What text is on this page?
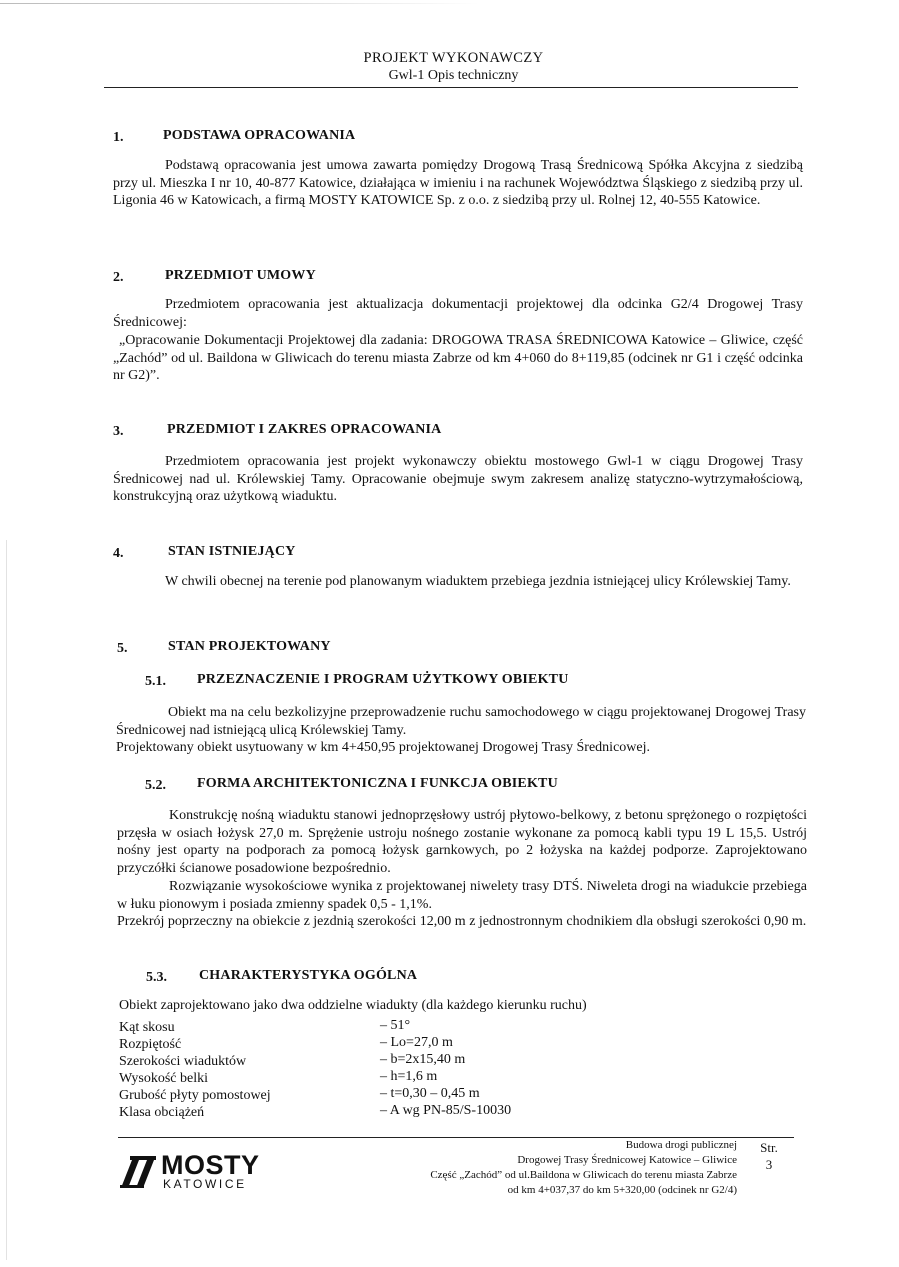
PROJEKT WYKONAWCZY
Gwl-1 Opis techniczny
1.	PODSTAWA OPRACOWANIA
Podstawą opracowania jest umowa zawarta pomiędzy Drogową Trasą Średnicową Spółka Akcyjna z siedzibą przy ul. Mieszka I nr 10, 40-877 Katowice, działająca w imieniu i na rachunek Województwa Śląskiego z siedzibą przy ul. Ligonia 46 w Katowicach, a firmą MOSTY KATOWICE Sp. z o.o. z siedzibą przy ul. Rolnej 12, 40-555 Katowice.
2.	PRZEDMIOT UMOWY
Przedmiotem opracowania jest aktualizacja dokumentacji projektowej dla odcinka G2/4 Drogowej Trasy Średnicowej:
„Opracowanie Dokumentacji Projektowej dla zadania: DROGOWA TRASA ŚREDNICOWA Katowice – Gliwice, część „Zachód” od ul. Baildona w Gliwicach do terenu miasta Zabrze od km 4+060 do 8+119,85 (odcinek nr G1 i część odcinka nr G2)”.
3.	PRZEDMIOT I ZAKRES OPRACOWANIA
Przedmiotem opracowania jest projekt wykonawczy obiektu mostowego Gwl-1 w ciągu Drogowej Trasy Średnicowej nad ul. Królewskiej Tamy. Opracowanie obejmuje swym zakresem analizę statyczno-wytrzymałościową, konstrukcyjną oraz użytkową wiaduktu.
4.	STAN ISTNIEJĄCY
W chwili obecnej na terenie pod planowanym wiaduktem przebiega jezdnia istniejącej ulicy Królewskiej Tamy.
5.	STAN PROJEKTOWANY
5.1. PRZEZNACZENIE I PROGRAM UŻYTKOWY OBIEKTU
Obiekt ma na celu bezkolizyjne przeprowadzenie ruchu samochodowego w ciągu projektowanej Drogowej Trasy Średnicowej nad istniejącą ulicą Królewskiej Tamy.
Projektowany obiekt usytuowany w km 4+450,95 projektowanej Drogowej Trasy Średnicowej.
5.2. FORMA ARCHITEKTONICZNA I FUNKCJA OBIEKTU
Konstrukcję nośną wiaduktu stanowi jednoprzęsłowy ustrój płytowo-belkowy, z betonu sprężonego o rozpiętości przęsła w osiach łożysk 27,0 m. Sprężenie ustroju nośnego zostanie wykonane za pomocą kabli typu 19 L 15,5. Ustrój nośny jest oparty na podporach za pomocą łożysk garnkowych, po 2 łożyska na każdej podporze. Zaprojektowano przyczółki ścianowe posadowione bezpośrednio.
Rozwiązanie wysokościowe wynika z projektowanej niwelety trasy DTŚ. Niweleta drogi na wiadukcie przebiega w łuku pionowym i posiada zmienny spadek 0,5 - 1,1%.
Przekrój poprzeczny na obiekcie z jezdnią szerokości 12,00 m z jednostronnym chodnikiem dla obsługi szerokości 0,90 m.
5.3. CHARAKTERYSTYKA OGÓLNA
Obiekt zaprojektowano jako dwa oddzielne wiadukty (dla każdego kierunku ruchu)
Kąt skosu	– 51°
Rozpiętość	– Lo=27,0 m
Szerokości wiaduktów	– b=2x15,40 m
Wysokość belki	– h=1,6 m
Grubość płyty pomostowej	– t=0,30 – 0,45 m
Klasa obciążeń	– A wg PN-85/S-10030
MOSTY
KATOWICE
Budowa drogi publicznej
Drogowej Trasy Średnicowej Katowice – Gliwice
Część „Zachód” od ul.Baildona w Gliwicach do terenu miasta Zabrze
od km 4+037,37 do km 5+320,00 (odcinek nr G2/4)
Str.
3
